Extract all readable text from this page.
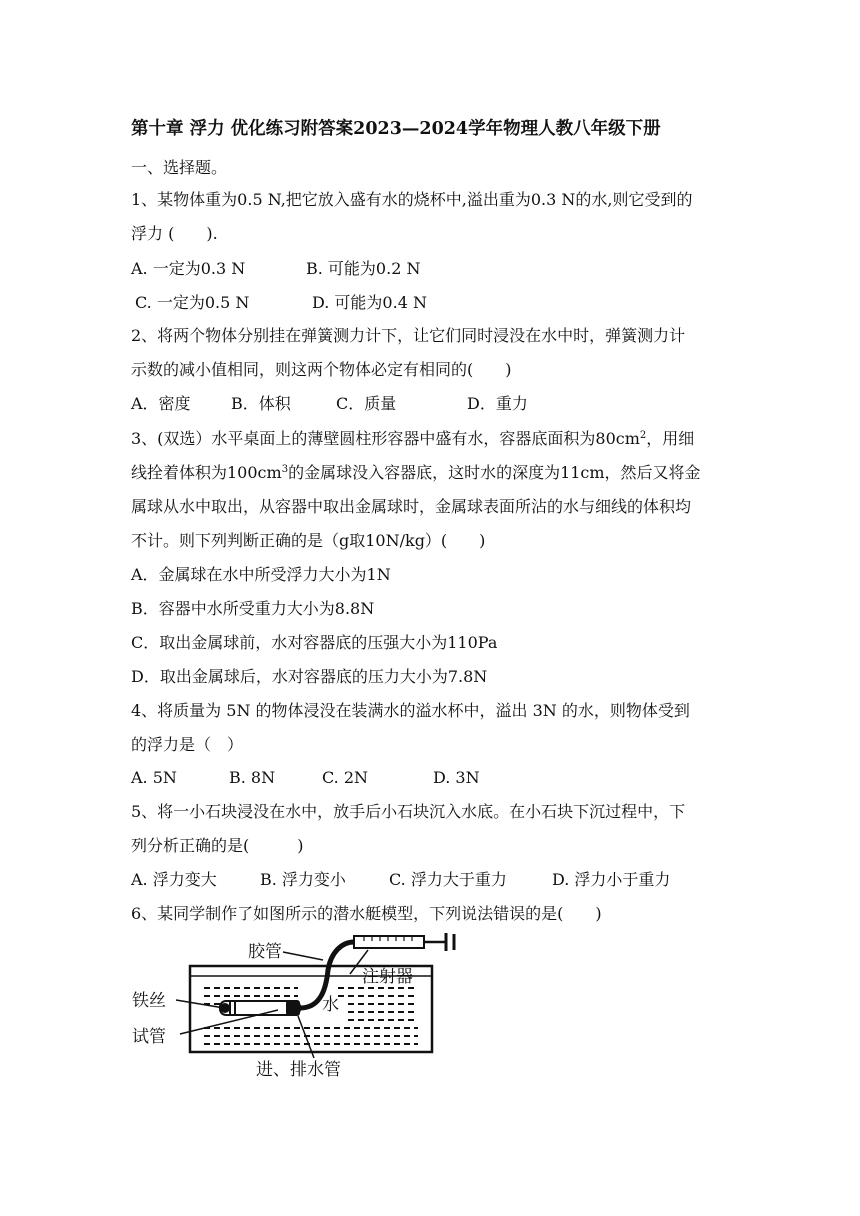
第十章 浮力 优化练习附答案2023—2024学年物理人教八年级下册
一、选择题。
1、某物体重为0.5 N,把它放入盛有水的烧杯中,溢出重为0.3 N的水,则它受到的
浮力 (　　).
A. 一定为0.3 N	B. 可能为0.2 N
C. 一定为0.5 N	D. 可能为0.4 N
2、将两个物体分别挂在弹簧测力计下，让它们同时浸没在水中时，弹簧测力计
示数的减小值相同，则这两个物体必定有相同的(　　)
A．密度	B．体积	C．质量	D．重力
3、(双选）水平桌面上的薄壁圆柱形容器中盛有水，容器底面积为$80cm^2$，用细
线拴着体积为$100cm^3$的金属球没入容器底，这时水的深度为11cm，然后又将金
属球从水中取出，从容器中取出金属球时，金属球表面所沾的水与细线的体积均
不计。则下列判断正确的是（g取10N/kg）(　　)
A．金属球在水中所受浮力大小为1N
B．容器中水所受重力大小为8.8N
C．取出金属球前，水对容器底的压强大小为110Pa
D．取出金属球后，水对容器底的压力大小为7.8N
4、将质量为 5N 的物体浸没在装满水的溢水杯中，溢出 3N 的水，则物体受到
的浮力是（　）
A. 5N	B. 8N	C. 2N	D. 3N
5、将一小石块浸没在水中，放手后小石块沉入水底。在小石块下沉过程中，下
列分析正确的是(　　　)
A. 浮力变大	B. 浮力变小	C. 浮力大于重力	D. 浮力小于重力
6、某同学制作了如图所示的潜水艇模型，下列说法错误的是(　　)
胶管
注射器
铁丝
试管
水
进、排水管
